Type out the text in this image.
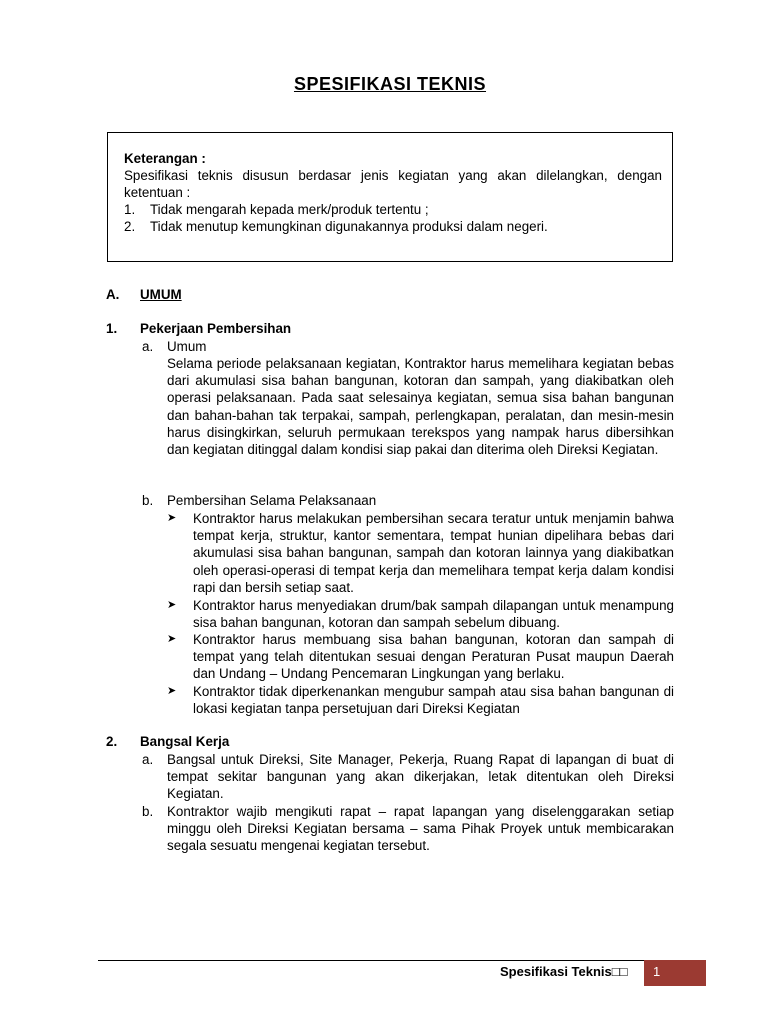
SPESIFIKASI TEKNIS
Keterangan :
Spesifikasi teknis disusun berdasar jenis kegiatan yang akan dilelangkan, dengan ketentuan :
1.	Tidak mengarah kepada merk/produk tertentu ;
2.	Tidak menutup kemungkinan digunakannya produksi dalam negeri.
A. UMUM
1. Pekerjaan Pembersihan
a. Umum
Selama periode pelaksanaan kegiatan, Kontraktor harus memelihara kegiatan bebas dari akumulasi sisa bahan bangunan, kotoran dan sampah, yang diakibatkan oleh operasi pelaksanaan. Pada saat selesainya kegiatan, semua sisa bahan bangunan dan bahan-bahan tak terpakai, sampah, perlengkapan, peralatan, dan mesin-mesin harus disingkirkan, seluruh permukaan terekspos yang nampak harus dibersihkan dan kegiatan ditinggal dalam kondisi siap pakai dan diterima oleh Direksi Kegiatan.
b. Pembersihan Selama Pelaksanaan
➤	Kontraktor harus melakukan pembersihan secara teratur untuk menjamin bahwa tempat kerja, struktur, kantor sementara, tempat hunian dipelihara bebas dari akumulasi sisa bahan bangunan, sampah dan kotoran lainnya yang diakibatkan oleh operasi-operasi di tempat kerja dan memelihara tempat kerja dalam kondisi rapi dan bersih setiap saat.
➤	Kontraktor harus menyediakan drum/bak sampah dilapangan untuk menampung sisa bahan bangunan, kotoran dan sampah sebelum dibuang.
➤	Kontraktor harus membuang sisa bahan bangunan, kotoran dan sampah di tempat yang telah ditentukan sesuai dengan Peraturan Pusat maupun Daerah dan Undang – Undang Pencemaran Lingkungan yang berlaku.
➤	Kontraktor tidak diperkenankan mengubur sampah atau sisa bahan bangunan di lokasi kegiatan tanpa persetujuan dari Direksi Kegiatan
2. Bangsal Kerja
a.	Bangsal untuk Direksi, Site Manager, Pekerja, Ruang Rapat di lapangan di buat di tempat sekitar bangunan yang akan dikerjakan, letak ditentukan oleh Direksi Kegiatan.
b.	Kontraktor wajib mengikuti rapat – rapat lapangan yang diselenggarakan setiap minggu oleh Direksi Kegiatan bersama – sama Pihak Proyek untuk membicarakan segala sesuatu mengenai kegiatan tersebut.
Spesifikasi Teknis□□	1
